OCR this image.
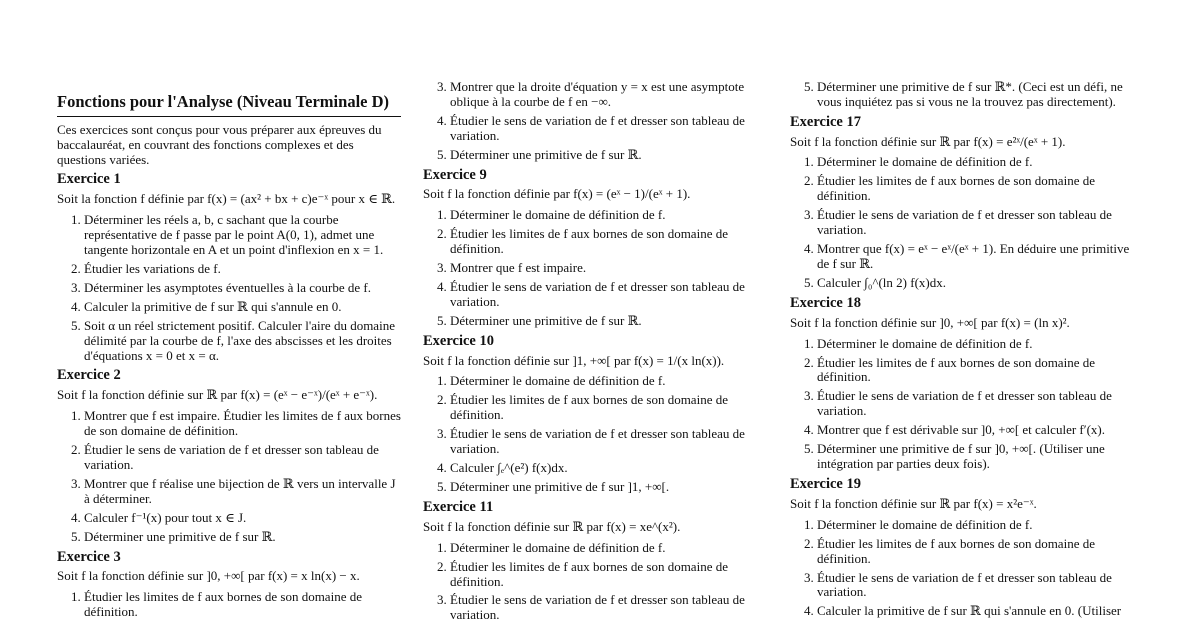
Fonctions pour l'Analyse (Niveau Terminale D)

Ces exercices sont conçus pour vous préparer aux épreuves du baccalauréat, en couvrant des fonctions complexes et des questions variées.

Exercice 1

Soit la fonction f définie par f(x) = (ax² + bx + c)e⁻ˣ pour x ∈ ℝ.

1. Déterminer les réels a, b, c sachant que la courbe représentative de f passe par le point A(0, 1), admet une tangente horizontale en A et un point d'inflexion en x = 1.
2. Étudier les variations de f.
3. Déterminer les asymptotes éventuelles à la courbe de f.
4. Calculer la primitive de f sur ℝ qui s'annule en 0.
5. Soit α un réel strictement positif. Calculer l'aire du domaine délimité par la courbe de f, l'axe des abscisses et les droites d'équations x = 0 et x = α.
Exercice 2

Soit f la fonction définie sur ℝ par f(x) = (eˣ − e⁻ˣ)/(eˣ + e⁻ˣ).

1. Montrer que f est impaire. Étudier les limites de f aux bornes de son domaine de définition.
2. Étudier le sens de variation de f et dresser son tableau de variation.
3. Montrer que f réalise une bijection de ℝ vers un intervalle J à déterminer.
4. Calculer f⁻¹(x) pour tout x ∈ J.
5. Déterminer une primitive de f sur ℝ.
Exercice 3

Soit f la fonction définie sur ]0, +∞[ par f(x) = x ln(x) − x.

1. Étudier les limites de f aux bornes de son domaine de définition.
3. Montrer que la droite d'équation y = x est une asymptote oblique à la courbe de f en −∞.
4. Étudier le sens de variation de f et dresser son tableau de variation.
5. Déterminer une primitive de f sur ℝ.
Exercice 9

Soit f la fonction définie par f(x) = (eˣ − 1)/(eˣ + 1).

1. Déterminer le domaine de définition de f.
2. Étudier les limites de f aux bornes de son domaine de définition.
3. Montrer que f est impaire.
4. Étudier le sens de variation de f et dresser son tableau de variation.
5. Déterminer une primitive de f sur ℝ.
Exercice 10

Soit f la fonction définie sur ]1, +∞[ par f(x) = 1/(x ln(x)).

1. Déterminer le domaine de définition de f.
2. Étudier les limites de f aux bornes de son domaine de définition.
3. Étudier le sens de variation de f et dresser son tableau de variation.
4. Calculer ∫ₑ^(e²) f(x)dx.
5. Déterminer une primitive de f sur ]1, +∞[.
Exercice 11

Soit f la fonction définie sur ℝ par f(x) = xe^(x²).

1. Déterminer le domaine de définition de f.
2. Étudier les limites de f aux bornes de son domaine de définition.
3. Étudier le sens de variation de f et dresser son tableau de variation.
5. Déterminer une primitive de f sur ℝ*. (Ceci est un défi, ne vous inquiétez pas si vous ne la trouvez pas directement).
Exercice 17

Soit f la fonction définie sur ℝ par f(x) = e²ˣ/(eˣ + 1).

1. Déterminer le domaine de définition de f.
2. Étudier les limites de f aux bornes de son domaine de définition.
3. Étudier le sens de variation de f et dresser son tableau de variation.
4. Montrer que f(x) = eˣ − eˣ/(eˣ + 1). En déduire une primitive de f sur ℝ.
5. Calculer ∫₀^(ln 2) f(x)dx.
Exercice 18

Soit f la fonction définie sur ]0, +∞[ par f(x) = (ln x)².

1. Déterminer le domaine de définition de f.
2. Étudier les limites de f aux bornes de son domaine de définition.
3. Étudier le sens de variation de f et dresser son tableau de variation.
4. Montrer que f est dérivable sur ]0, +∞[ et calculer f′(x).
5. Déterminer une primitive de f sur ]0, +∞[. (Utiliser une intégration par parties deux fois).
Exercice 19

Soit f la fonction définie sur ℝ par f(x) = x²e⁻ˣ.

1. Déterminer le domaine de définition de f.
2. Étudier les limites de f aux bornes de son domaine de définition.
3. Étudier le sens de variation de f et dresser son tableau de variation.
4. Calculer la primitive de f sur ℝ qui s'annule en 0. (Utiliser
